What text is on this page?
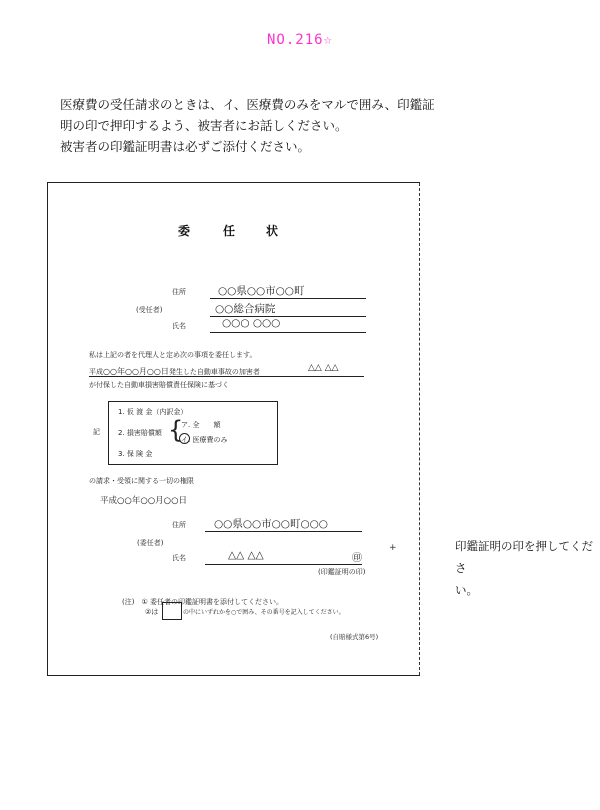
NO.216☆
医療費の受任請求のときは、イ、医療費のみをマルで囲み、印鑑証
明の印で押印するよう、被害者にお話しください。
被害者の印鑑証明書は必ずご添付ください。
委	任	状
住所	○○県○○市○○町
(受任者)	○○総合病院
氏名	○○○ ○○○
私は上記の者を代理人と定め次の事項を委任します。
平成○○年○○月○○日発生した自動車事故の加害者	△△ △△
が付保した自動車損害賠償責任保険に基づく
記
1. 仮 渡 金（内訳金）
2. 損害賠償額 {
ア. 全　　額
イ. 医療費のみ
3. 保 険 金
の請求・受領に関する一切の権限
平成○○年○○月○○日
住所	○○県○○市○○町○○○
(委任者)
氏名	△△ △△	㊞
+
(印鑑証明の印)
(注)　① 委任者の印鑑証明書を添付してください。
②は	の中にいずれかを○で囲み、その番号を記入してください。
(自賠様式第6号)
印鑑証明の印を押してくださ
い。
